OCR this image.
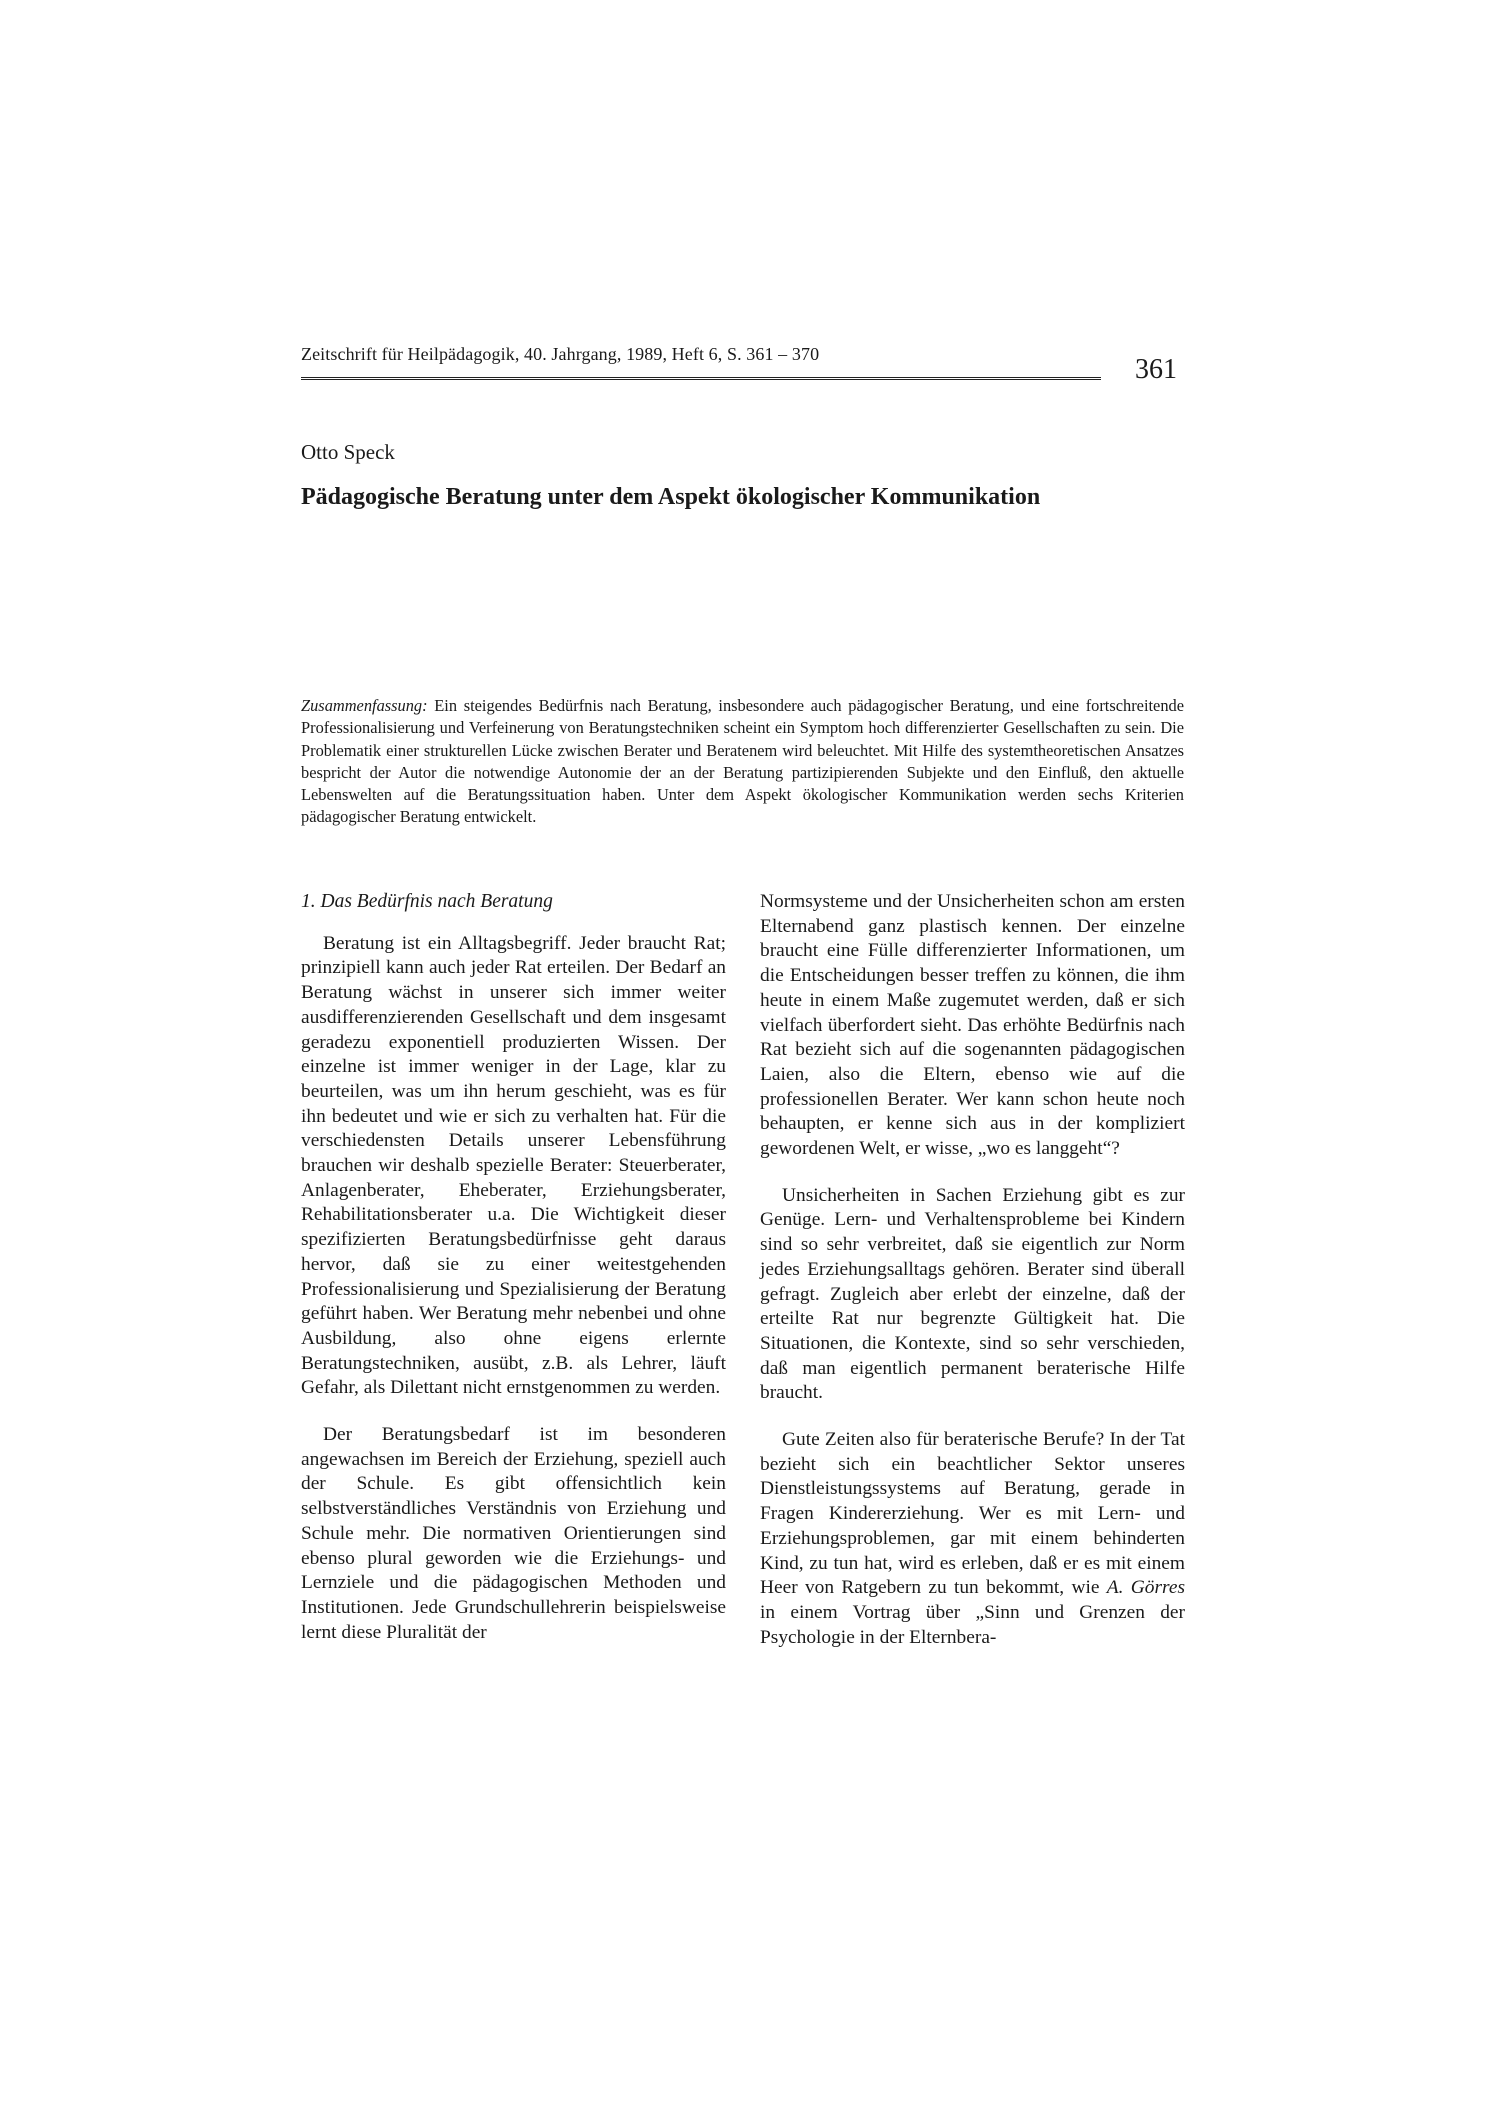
Zeitschrift für Heilpädagogik, 40. Jahrgang, 1989, Heft 6, S. 361 – 370	361
Otto Speck
Pädagogische Beratung unter dem Aspekt ökologischer Kommunikation
Zusammenfassung: Ein steigendes Bedürfnis nach Beratung, insbesondere auch pädagogischer Beratung, und eine fortschreitende Professionalisierung und Verfeinerung von Beratungstechniken scheint ein Symptom hoch differenzierter Gesellschaften zu sein. Die Problematik einer strukturellen Lücke zwischen Berater und Beratenem wird beleuchtet. Mit Hilfe des systemtheoretischen Ansatzes bespricht der Autor die notwendige Autonomie der an der Beratung partizipierenden Subjekte und den Einfluß, den aktuelle Lebenswelten auf die Beratungssituation haben. Unter dem Aspekt ökologischer Kommunikation werden sechs Kriterien pädagogischer Beratung entwickelt.
1. Das Bedürfnis nach Beratung

Beratung ist ein Alltagsbegriff. Jeder braucht Rat; prinzipiell kann auch jeder Rat erteilen. Der Bedarf an Beratung wächst in unserer sich immer weiter ausdifferenzierenden Gesellschaft und dem insgesamt geradezu exponentiell produzierten Wissen. Der einzelne ist immer weniger in der Lage, klar zu beurteilen, was um ihn herum geschieht, was es für ihn bedeutet und wie er sich zu verhalten hat. Für die verschiedensten Details unserer Lebensführung brauchen wir deshalb spezielle Berater: Steuerberater, Anlagenberater, Eheberater, Erziehungsberater, Rehabilitationsberater u.a. Die Wichtigkeit dieser spezifizierten Beratungsbedürfnisse geht daraus hervor, daß sie zu einer weitestgehenden Professionalisierung und Spezialisierung der Beratung geführt haben. Wer Beratung mehr nebenbei und ohne Ausbildung, also ohne eigens erlernte Beratungstechniken, ausübt, z.B. als Lehrer, läuft Gefahr, als Dilettant nicht ernstgenommen zu werden.

Der Beratungsbedarf ist im besonderen angewachsen im Bereich der Erziehung, speziell auch der Schule. Es gibt offensichtlich kein selbstverständliches Verständnis von Erziehung und Schule mehr. Die normativen Orientierungen sind ebenso plural geworden wie die Erziehungs- und Lernziele und die pädagogischen Methoden und Institutionen. Jede Grundschullehrerin beispielsweise lernt diese Pluralität der

Normsysteme und der Unsicherheiten schon am ersten Elternabend ganz plastisch kennen. Der einzelne braucht eine Fülle differenzierter Informationen, um die Entscheidungen besser treffen zu können, die ihm heute in einem Maße zugemutet werden, daß er sich vielfach überfordert sieht. Das erhöhte Bedürfnis nach Rat bezieht sich auf die sogenannten pädagogischen Laien, also die Eltern, ebenso wie auf die professionellen Berater. Wer kann schon heute noch behaupten, er kenne sich aus in der kompliziert gewordenen Welt, er wisse, „wo es langgeht“?

Unsicherheiten in Sachen Erziehung gibt es zur Genüge. Lern- und Verhaltensprobleme bei Kindern sind so sehr verbreitet, daß sie eigentlich zur Norm jedes Erziehungsalltags gehören. Berater sind überall gefragt. Zugleich aber erlebt der einzelne, daß der erteilte Rat nur begrenzte Gültigkeit hat. Die Situationen, die Kontexte, sind so sehr verschieden, daß man eigentlich permanent beraterische Hilfe braucht.

Gute Zeiten also für beraterische Berufe? In der Tat bezieht sich ein beachtlicher Sektor unseres Dienstleistungssystems auf Beratung, gerade in Fragen Kindererziehung. Wer es mit Lern- und Erziehungsproblemen, gar mit einem behinderten Kind, zu tun hat, wird es erleben, daß er es mit einem Heer von Ratgebern zu tun bekommt, wie A. Görres in einem Vortrag über „Sinn und Grenzen der Psychologie in der Elternbera-
